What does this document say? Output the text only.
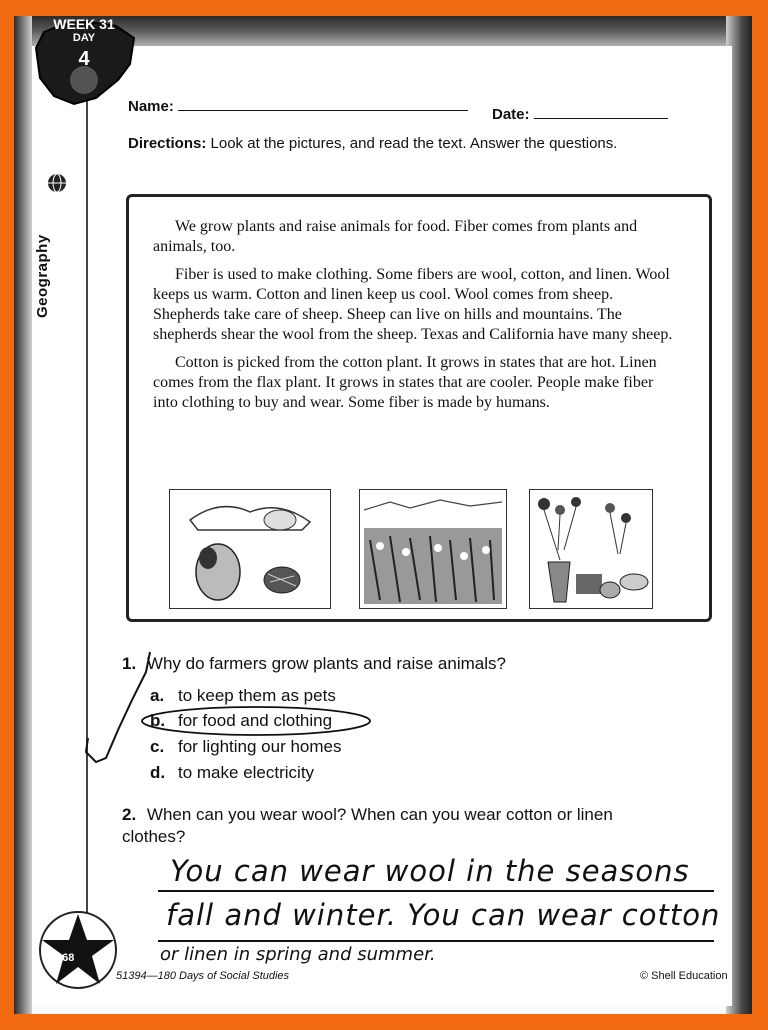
WEEK 31
DAY
4
Name:	Date:
Directions: Look at the pictures, and read the text. Answer the questions.
Geography

We grow plants and raise animals for food. Fiber comes from plants and animals, too.

Fiber is used to make clothing. Some fibers are wool, cotton, and linen. Wool keeps us warm. Cotton and linen keep us cool. Wool comes from sheep. Shepherds take care of sheep. Sheep can live on hills and mountains. The shepherds shear the wool from the sheep. Texas and California have many sheep.

Cotton is picked from the cotton plant. It grows in states that are hot. Linen comes from the flax plant. It grows in states that are cooler. People make fiber into clothing to buy and wear. Some fiber is made by humans.

1. Why do farmers grow plants and raise animals?
a. to keep them as pets
b. for food and clothing
c. for lighting our homes
d. to make electricity
2. When can you wear wool? When can you wear cotton or linen clothes?
You can wear wool in the seasons
fall and winter. You can wear cotton
or linen in spring and summer.
168
51394—180 Days of Social Studies	© Shell Education
